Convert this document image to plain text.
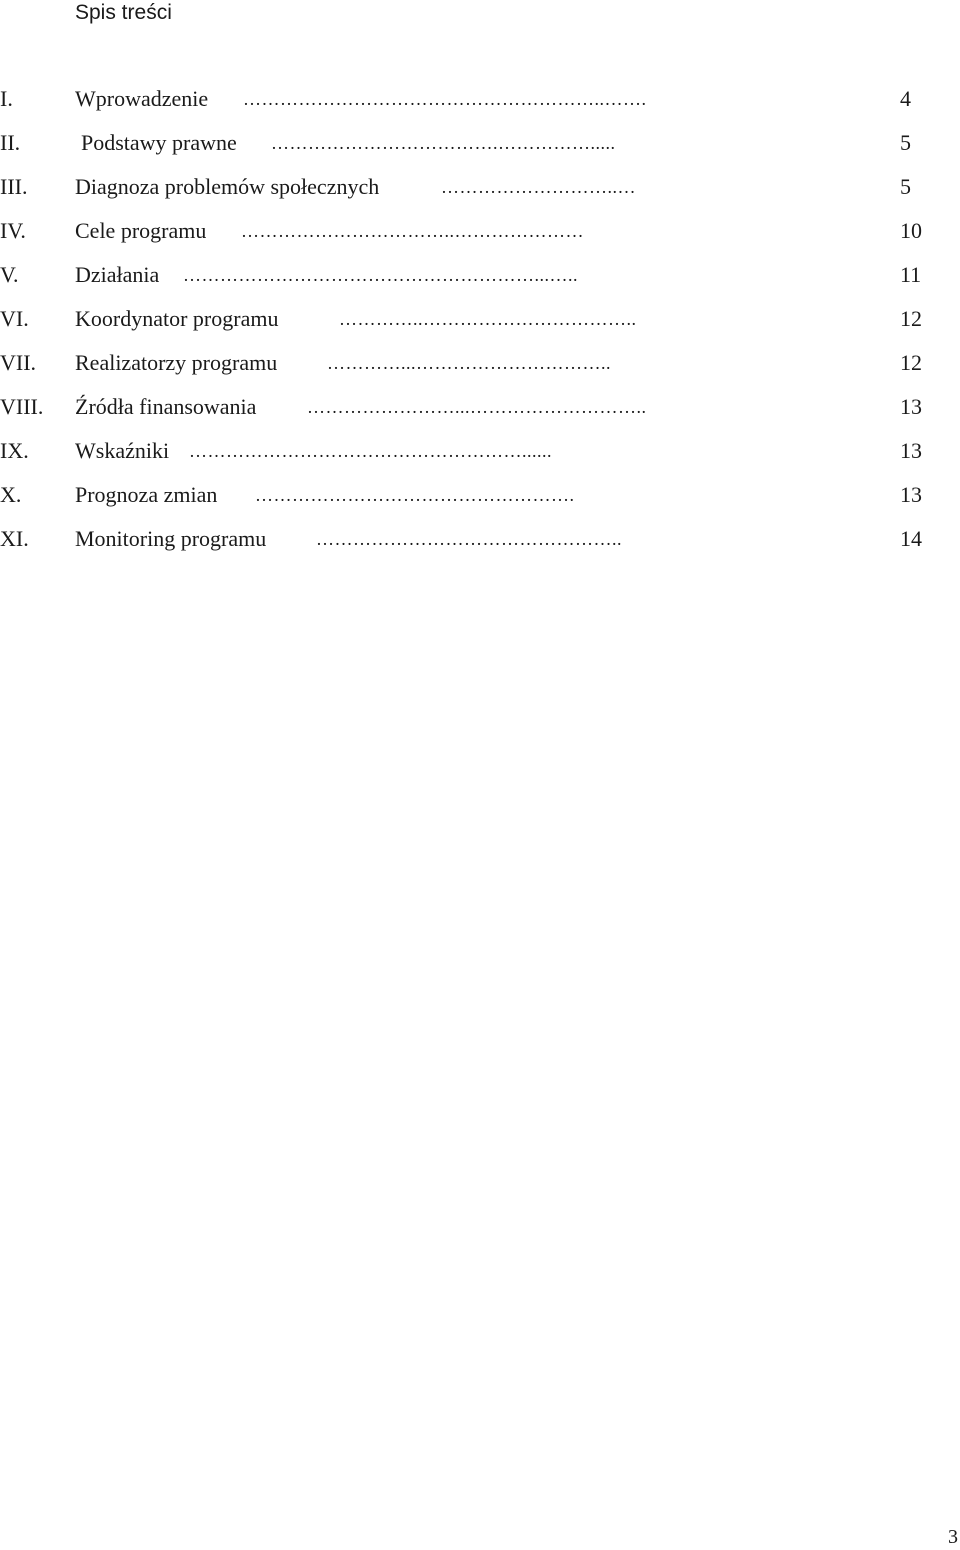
Spis treści
I.	Wprowadzenie …………………………………………………..…….	4
II.	Podstawy prawne ……………………………….…………….....	5
III. Diagnoza problemów społecznych	………………………..…	5
IV. Cele programu ……………………………..…………………	10
V.	Działania …………………………………………………...…..	11
VI. Koordynator programu	…………..……………………………..	12
VII. Realizatorzy programu	…………...…………………………..	12
VIII. Źródła finansowania	……………………...………………………..	13
IX. Wskaźniki ………………………………………………......	13
X. Prognoza zmian …………………………………………….	13
XI. Monitoring programu	…………………………………………..	14
3
